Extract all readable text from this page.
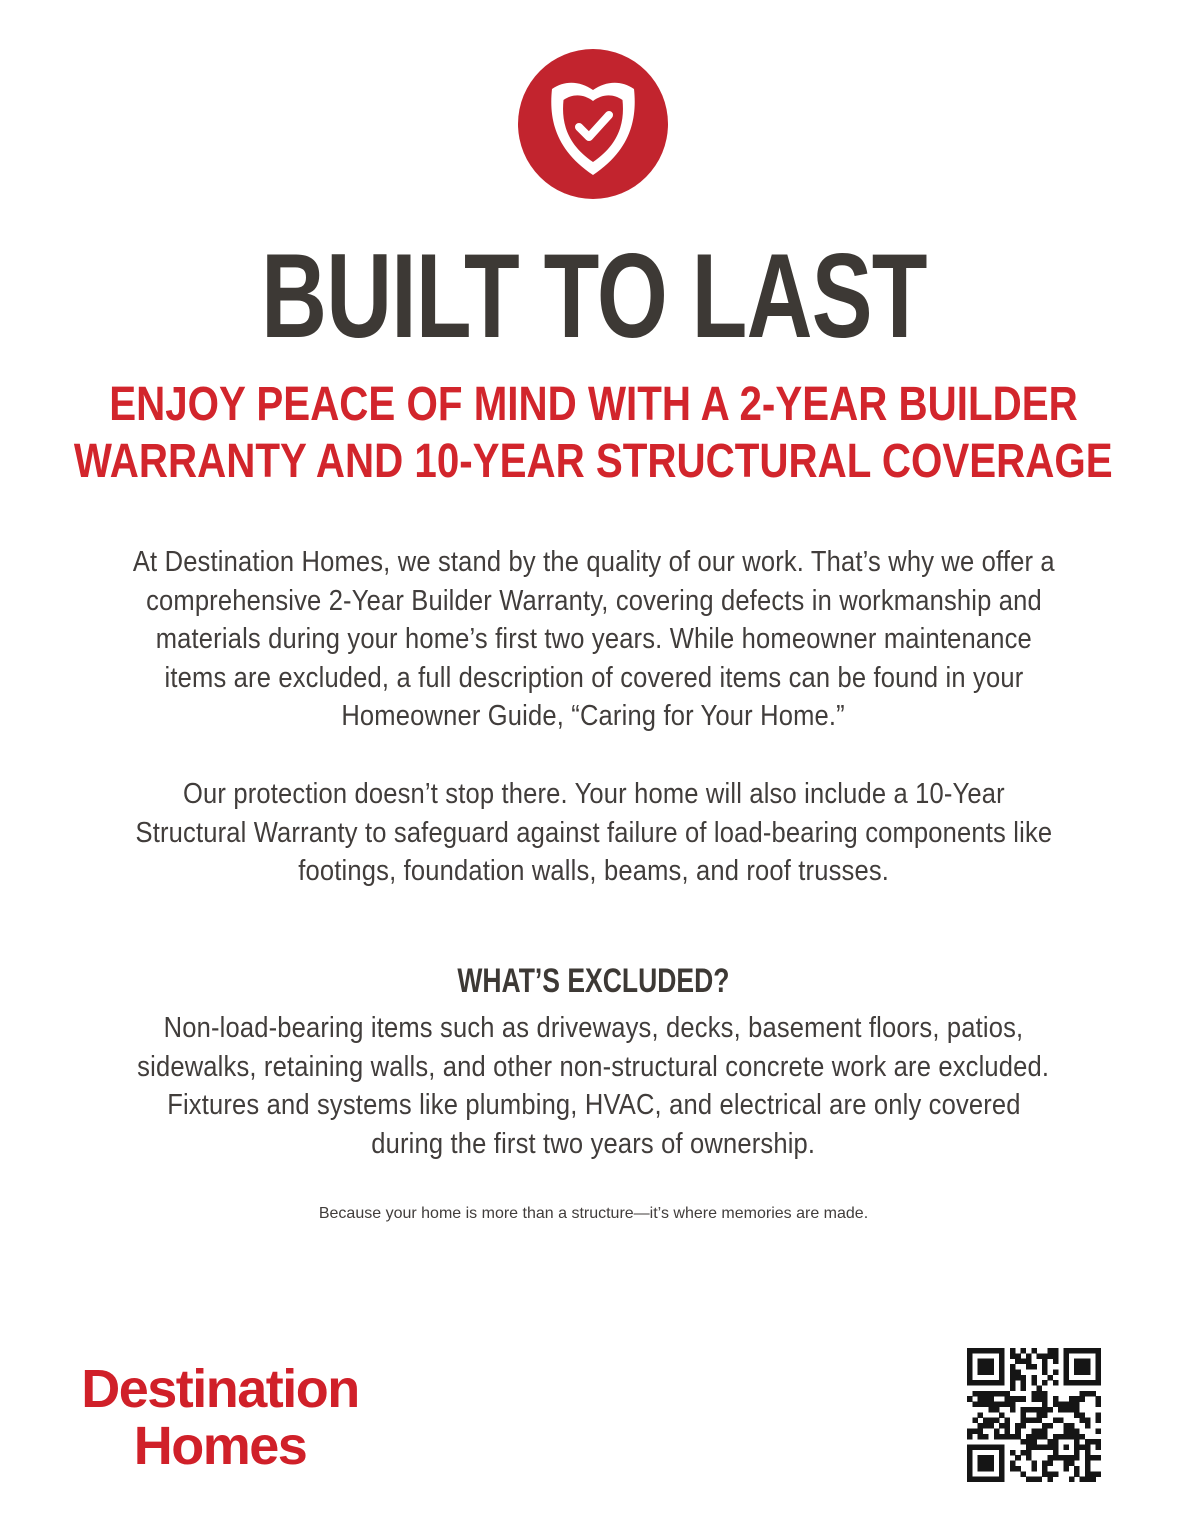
BUILT TO LAST
ENJOY PEACE OF MIND WITH A 2-YEAR BUILDER
WARRANTY AND 10-YEAR STRUCTURAL COVERAGE
At Destination Homes, we stand by the quality of our work. That’s why we offer a
comprehensive 2-Year Builder Warranty, covering defects in workmanship and
materials during your home’s first two years. While homeowner maintenance
items are excluded, a full description of covered items can be found in your
Homeowner Guide, “Caring for Your Home.”
Our protection doesn’t stop there. Your home will also include a 10-Year
Structural Warranty to safeguard against failure of load-bearing components like
footings, foundation walls, beams, and roof trusses.
WHAT’S EXCLUDED?
Non-load-bearing items such as driveways, decks, basement floors, patios,
sidewalks, retaining walls, and other non-structural concrete work are excluded.
Fixtures and systems like plumbing, HVAC, and electrical are only covered
during the first two years of ownership.
Because your home is more than a structure—it’s where memories are made.
Destination
Homes
